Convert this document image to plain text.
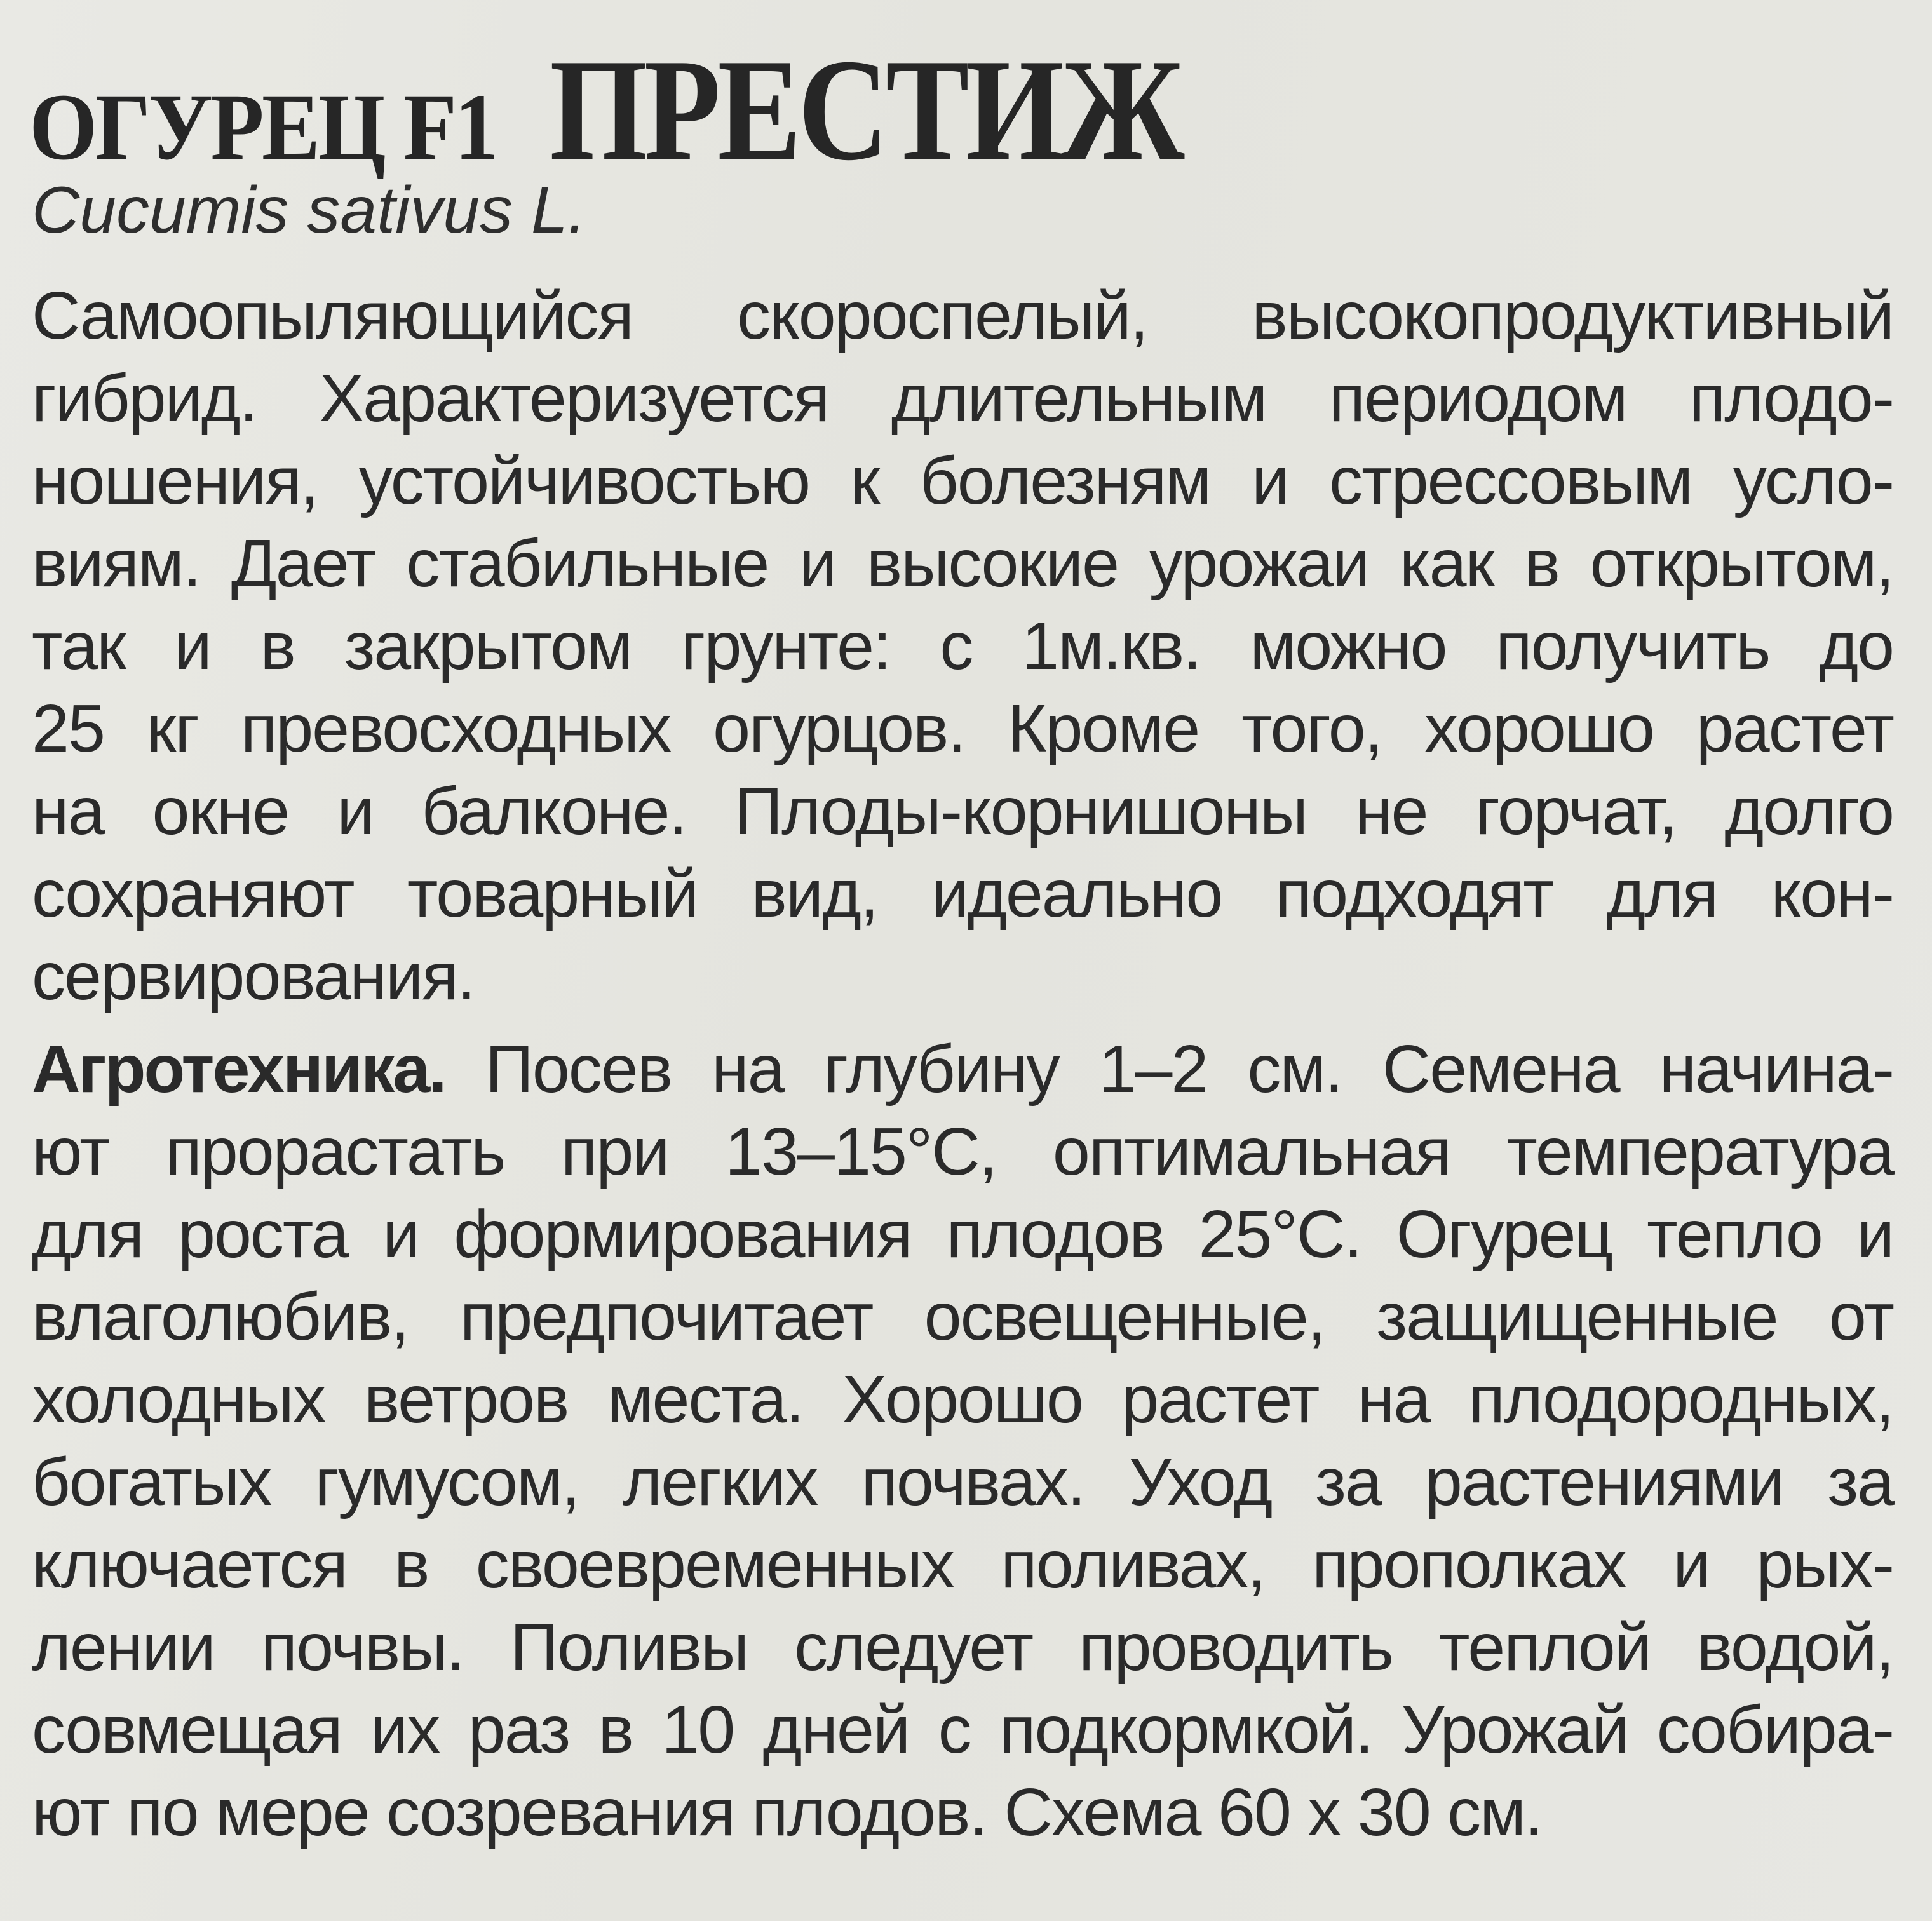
ОГУРЕЦ F1 ПРЕСТИЖ
Cucumis sativus L.
Самоопыляющийся скороспелый, высокопродуктивный
гибрид. Характеризуется длительным периодом плодо-
ношения, устойчивостью к болезням и стрессовым усло-
виям. Дает стабильные и высокие урожаи как в открытом,
так и в закрытом грунте: с 1м.кв. можно получить до
25 кг превосходных огурцов. Кроме того, хорошо растет
на окне и балконе. Плоды-корнишоны не горчат, долго
сохраняют товарный вид, идеально подходят для кон-
сервирования.
Агротехника. Посев на глубину 1–2 см. Семена начина-
ют прорастать при 13–15°С, оптимальная температура
для роста и формирования плодов 25°С. Огурец тепло и
влаголюбив, предпочитает освещенные, защищенные от
холодных ветров места. Хорошо растет на плодородных,
богатых гумусом, легких почвах. Уход за растениями за
ключается в своевременных поливах, прополках и рых-
лении почвы. Поливы следует проводить теплой водой,
совмещая их раз в 10 дней с подкормкой. Урожай собира-
ют по мере созревания плодов. Схема 60 х 30 см.
